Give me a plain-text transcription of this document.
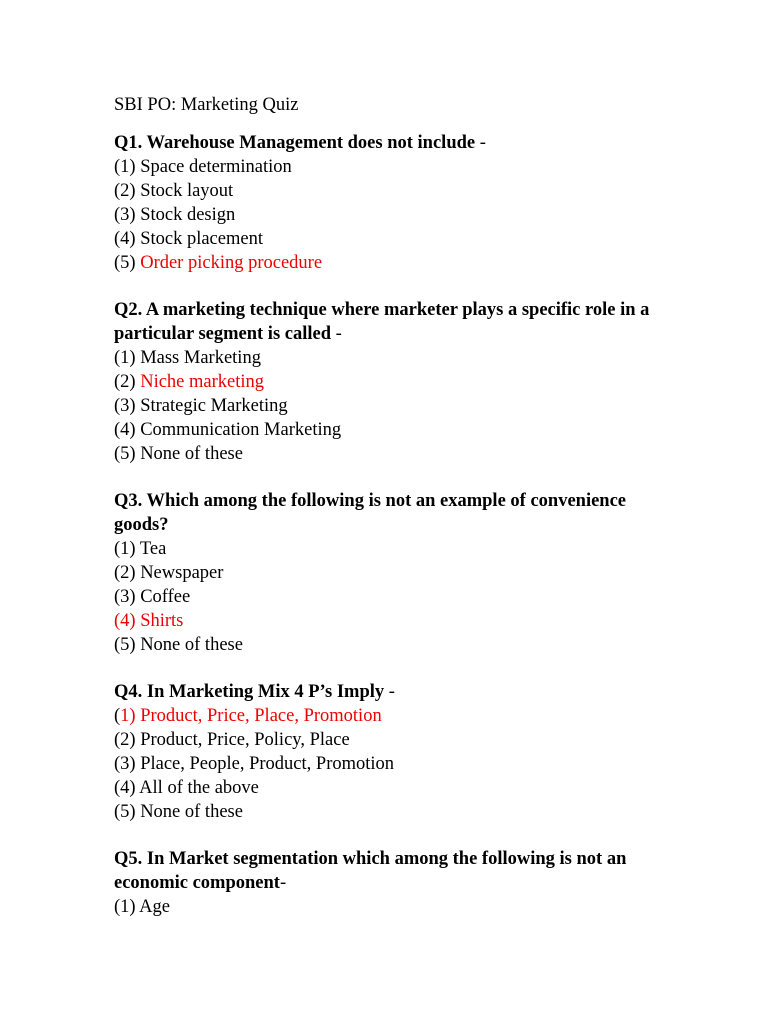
SBI PO: Marketing Quiz

Q1. Warehouse Management does not include -

(1) Space determination
(2) Stock layout
(3) Stock design
(4) Stock placement
(5) Order picking procedure

Q2. A marketing technique where marketer plays a specific role in a particular segment is called -

(1) Mass Marketing
(2) Niche marketing
(3) Strategic Marketing
(4) Communication Marketing
(5) None of these

Q3. Which among the following is not an example of convenience goods?

(1) Tea
(2) Newspaper
(3) Coffee
(4) Shirts
(5) None of these

Q4. In Marketing Mix 4 P’s Imply -

(1) Product, Price, Place, Promotion
(2) Product, Price, Policy, Place
(3) Place, People, Product, Promotion
(4) All of the above
(5) None of these

Q5. In Market segmentation which among the following is not an economic component-

(1) Age
